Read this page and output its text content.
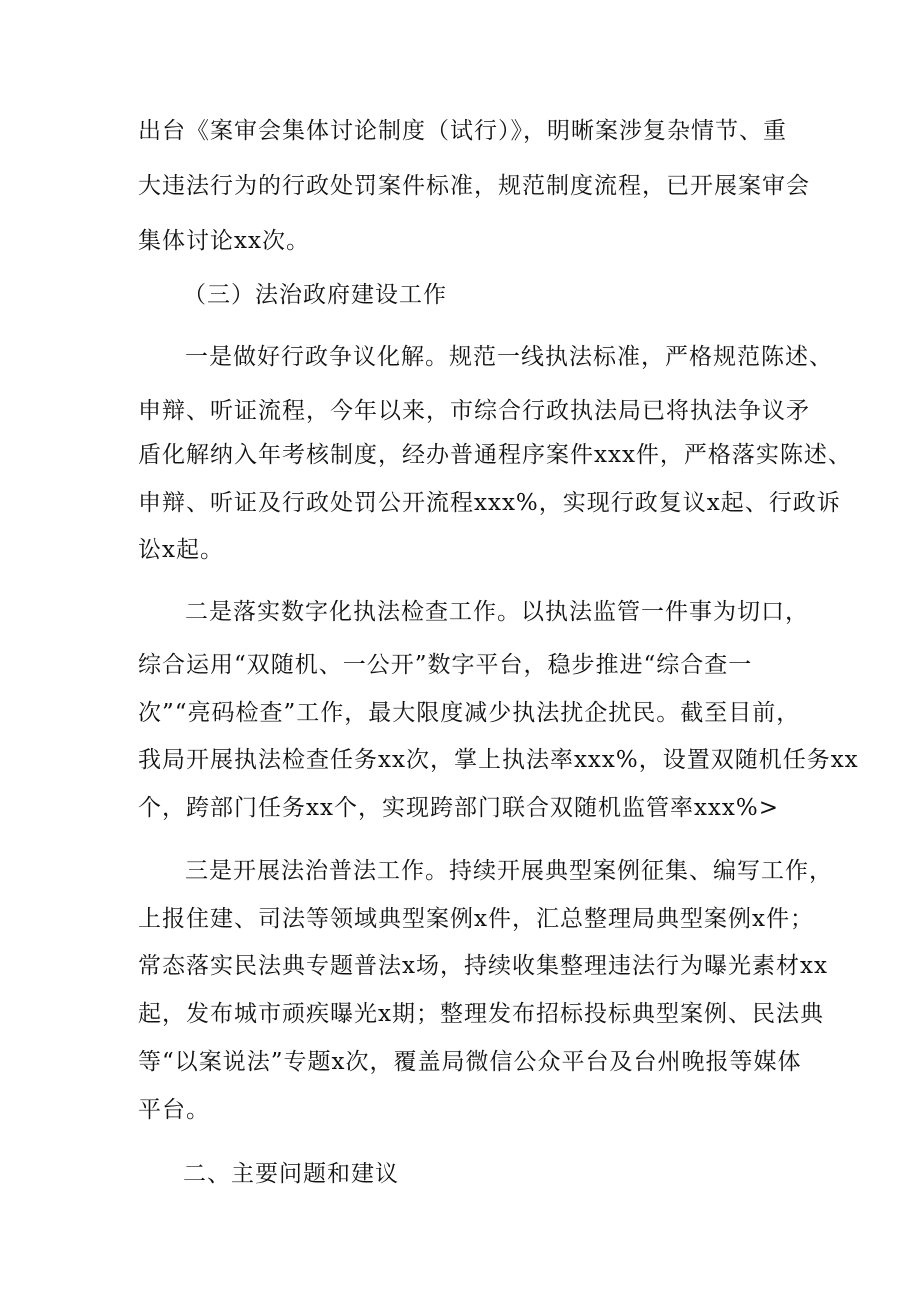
出台《案审会集体讨论制度（试行）》，明晰案涉复杂情节、重
大违法行为的行政处罚案件标准，规范制度流程，已开展案审会
集体讨论xx次。
（三）法治政府建设工作
一是做好行政争议化解。规范一线执法标准，严格规范陈述、
申辩、听证流程，今年以来，市综合行政执法局已将执法争议矛
盾化解纳入年考核制度，经办普通程序案件xxx件，严格落实陈述、
申辩、听证及行政处罚公开流程xxx%，实现行政复议x起、行政诉
讼x起。
二是落实数字化执法检查工作。以执法监管一件事为切口，
综合运用“双随机、一公开”数字平台，稳步推进“综合查一
次”“亮码检查”工作，最大限度减少执法扰企扰民。截至目前，
我局开展执法检查任务xx次，掌上执法率xxx%，设置双随机任务xx
个，跨部门任务xx个，实现跨部门联合双随机监管率xxx%>
三是开展法治普法工作。持续开展典型案例征集、编写工作，
上报住建、司法等领域典型案例x件，汇总整理局典型案例x件；
常态落实民法典专题普法x场，持续收集整理违法行为曝光素材xx
起，发布城市顽疾曝光x期；整理发布招标投标典型案例、民法典
等“以案说法”专题x次，覆盖局微信公众平台及台州晚报等媒体
平台。
二、主要问题和建议
